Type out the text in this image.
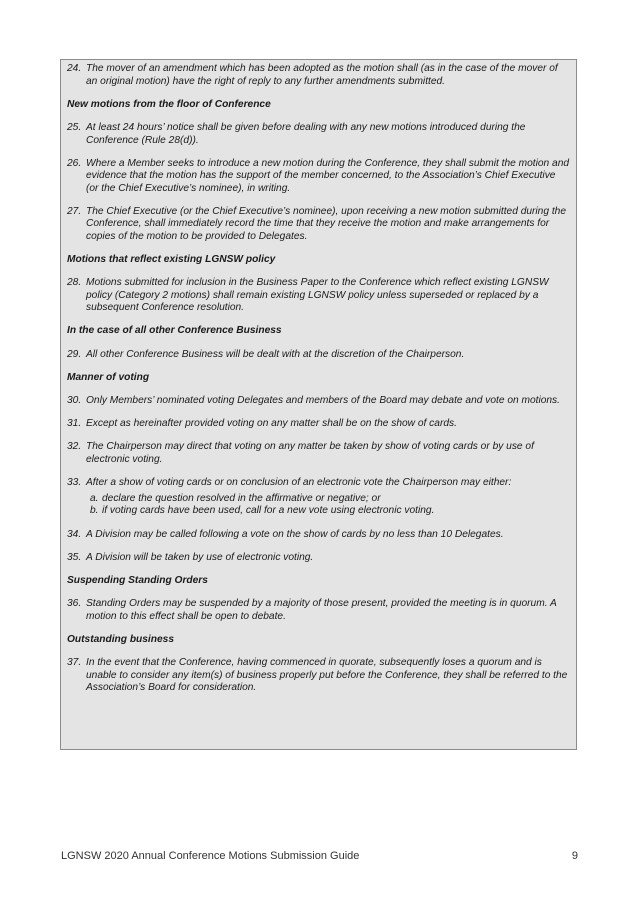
24. The mover of an amendment which has been adopted as the motion shall (as in the case of the mover of an original motion) have the right of reply to any further amendments submitted.
New motions from the floor of Conference
25. At least 24 hours’ notice shall be given before dealing with any new motions introduced during the Conference (Rule 28(d)).
26. Where a Member seeks to introduce a new motion during the Conference, they shall submit the motion and evidence that the motion has the support of the member concerned, to the Association’s Chief Executive (or the Chief Executive’s nominee), in writing.
27. The Chief Executive (or the Chief Executive’s nominee), upon receiving a new motion submitted during the Conference, shall immediately record the time that they receive the motion and make arrangements for copies of the motion to be provided to Delegates.
Motions that reflect existing LGNSW policy
28. Motions submitted for inclusion in the Business Paper to the Conference which reflect existing LGNSW policy (Category 2 motions) shall remain existing LGNSW policy unless superseded or replaced by a subsequent Conference resolution.
In the case of all other Conference Business
29. All other Conference Business will be dealt with at the discretion of the Chairperson.
Manner of voting
30. Only Members’ nominated voting Delegates and members of the Board may debate and vote on motions.
31. Except as hereinafter provided voting on any matter shall be on the show of cards.
32. The Chairperson may direct that voting on any matter be taken by show of voting cards or by use of electronic voting.
33. After a show of voting cards or on conclusion of an electronic vote the Chairperson may either:
a. declare the question resolved in the affirmative or negative; or
b. if voting cards have been used, call for a new vote using electronic voting.
34. A Division may be called following a vote on the show of cards by no less than 10 Delegates.
35. A Division will be taken by use of electronic voting.
Suspending Standing Orders
36. Standing Orders may be suspended by a majority of those present, provided the meeting is in quorum. A motion to this effect shall be open to debate.
Outstanding business
37. In the event that the Conference, having commenced in quorate, subsequently loses a quorum and is unable to consider any item(s) of business properly put before the Conference, they shall be referred to the Association’s Board for consideration.
LGNSW 2020 Annual Conference Motions Submission Guide	9
